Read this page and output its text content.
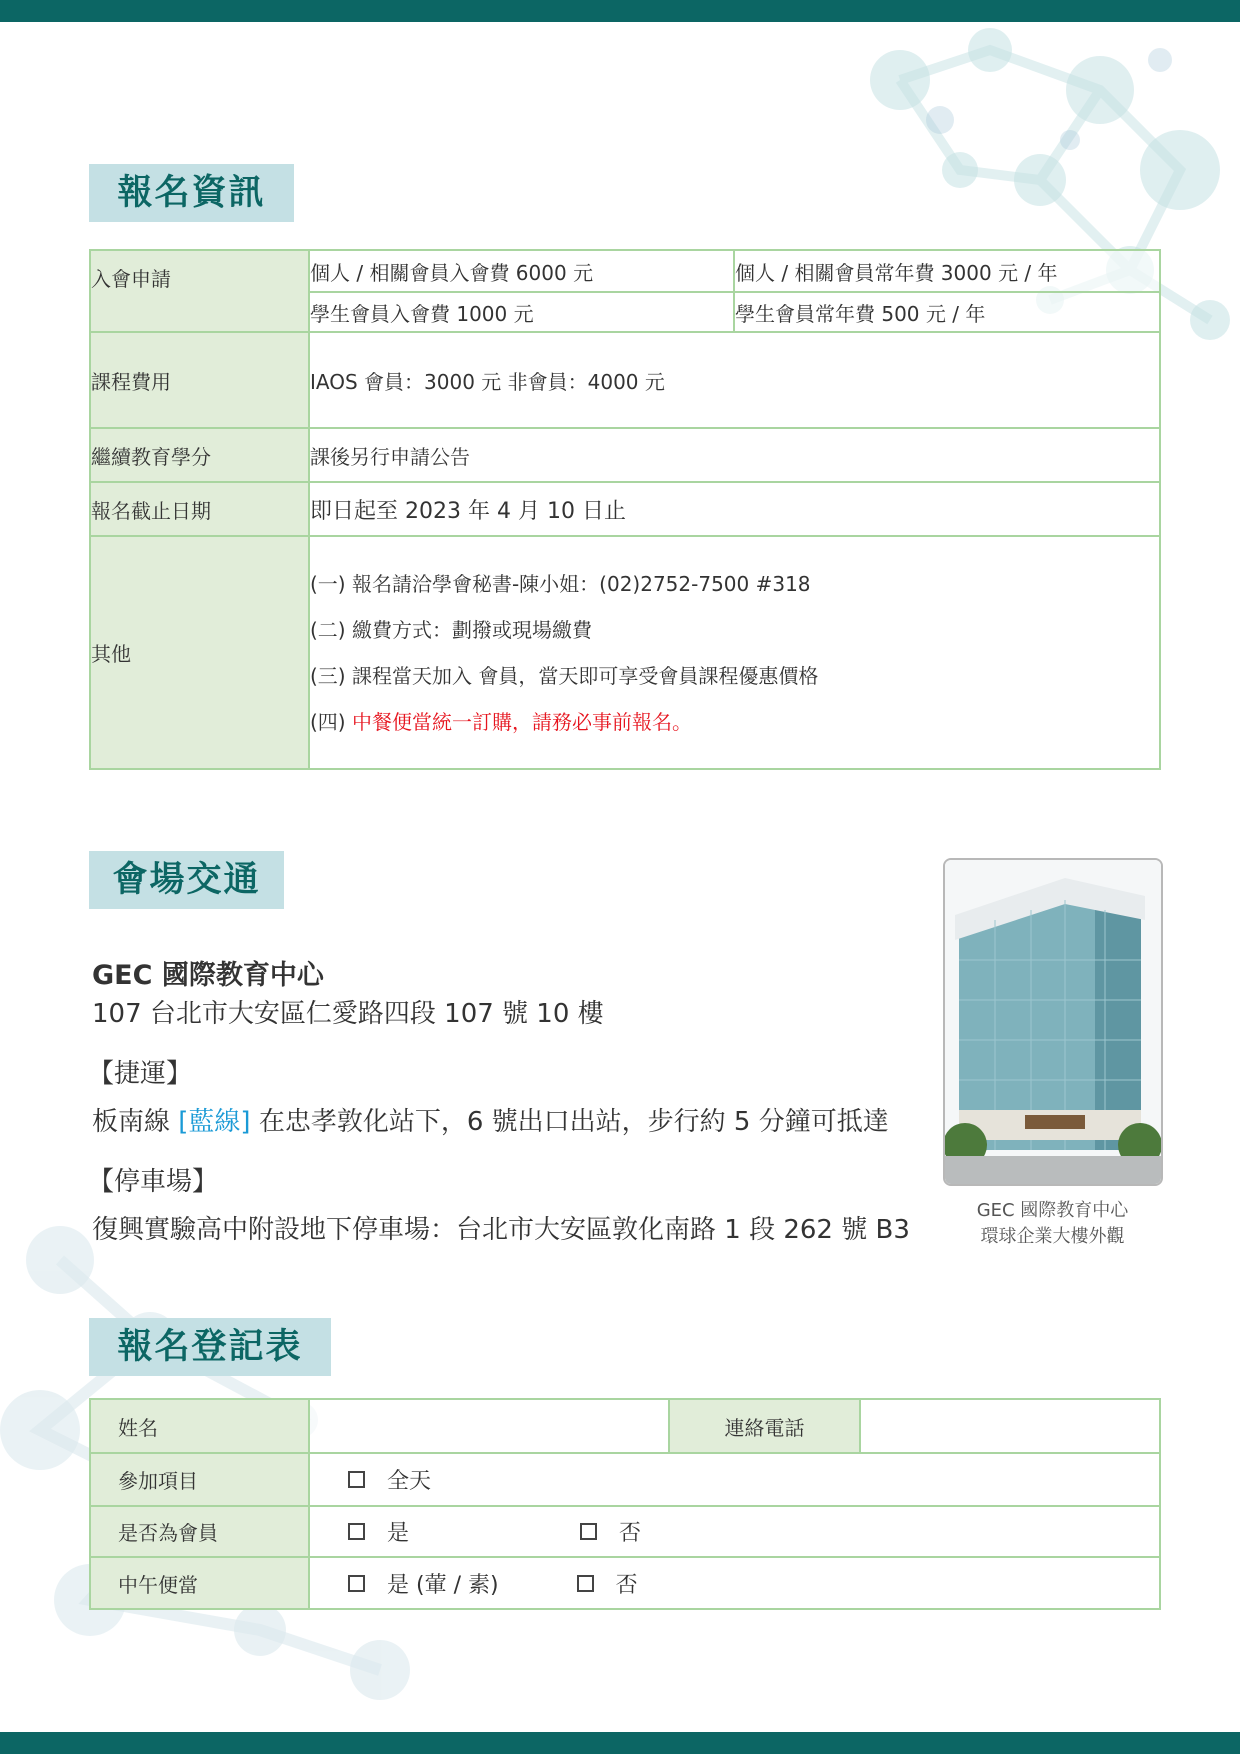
報名資訊
入會申請	個人 / 相關會員入會費 6000 元	個人 / 相關會員常年費 3000 元 / 年
	學生會員入會費 1000 元	學生會員常年費 500 元 / 年
課程費用	IAOS 會員：3000 元 非會員：4000 元	
繼續教育學分	課後另行申請公告	
報名截止日期	即日起至 2023 年 4 月 10 日止	
其他	(一) 報名請洽學會秘書-陳小姐：(02)2752-7500 #318
(二) 繳費方式：劃撥或現場繳費
(三) 課程當天加入 會員，當天即可享受會員課程優惠價格
(四) 中餐便當統一訂購，請務必事前報名。	
會場交通
GEC 國際教育中心
107 台北市大安區仁愛路四段 107 號 10 樓
【捷運】
板南線 [藍線] 在忠孝敦化站下，6 號出口出站，步行約 5 分鐘可抵達
【停車場】
復興實驗高中附設地下停車場：台北市大安區敦化南路 1 段 262 號 B3
GEC 國際教育中心
環球企業大樓外觀
報名登記表
姓名		連絡電話	
參加項目	全天		

是否為會員	是 否		

中午便當	是 (葷 / 素) 否		
